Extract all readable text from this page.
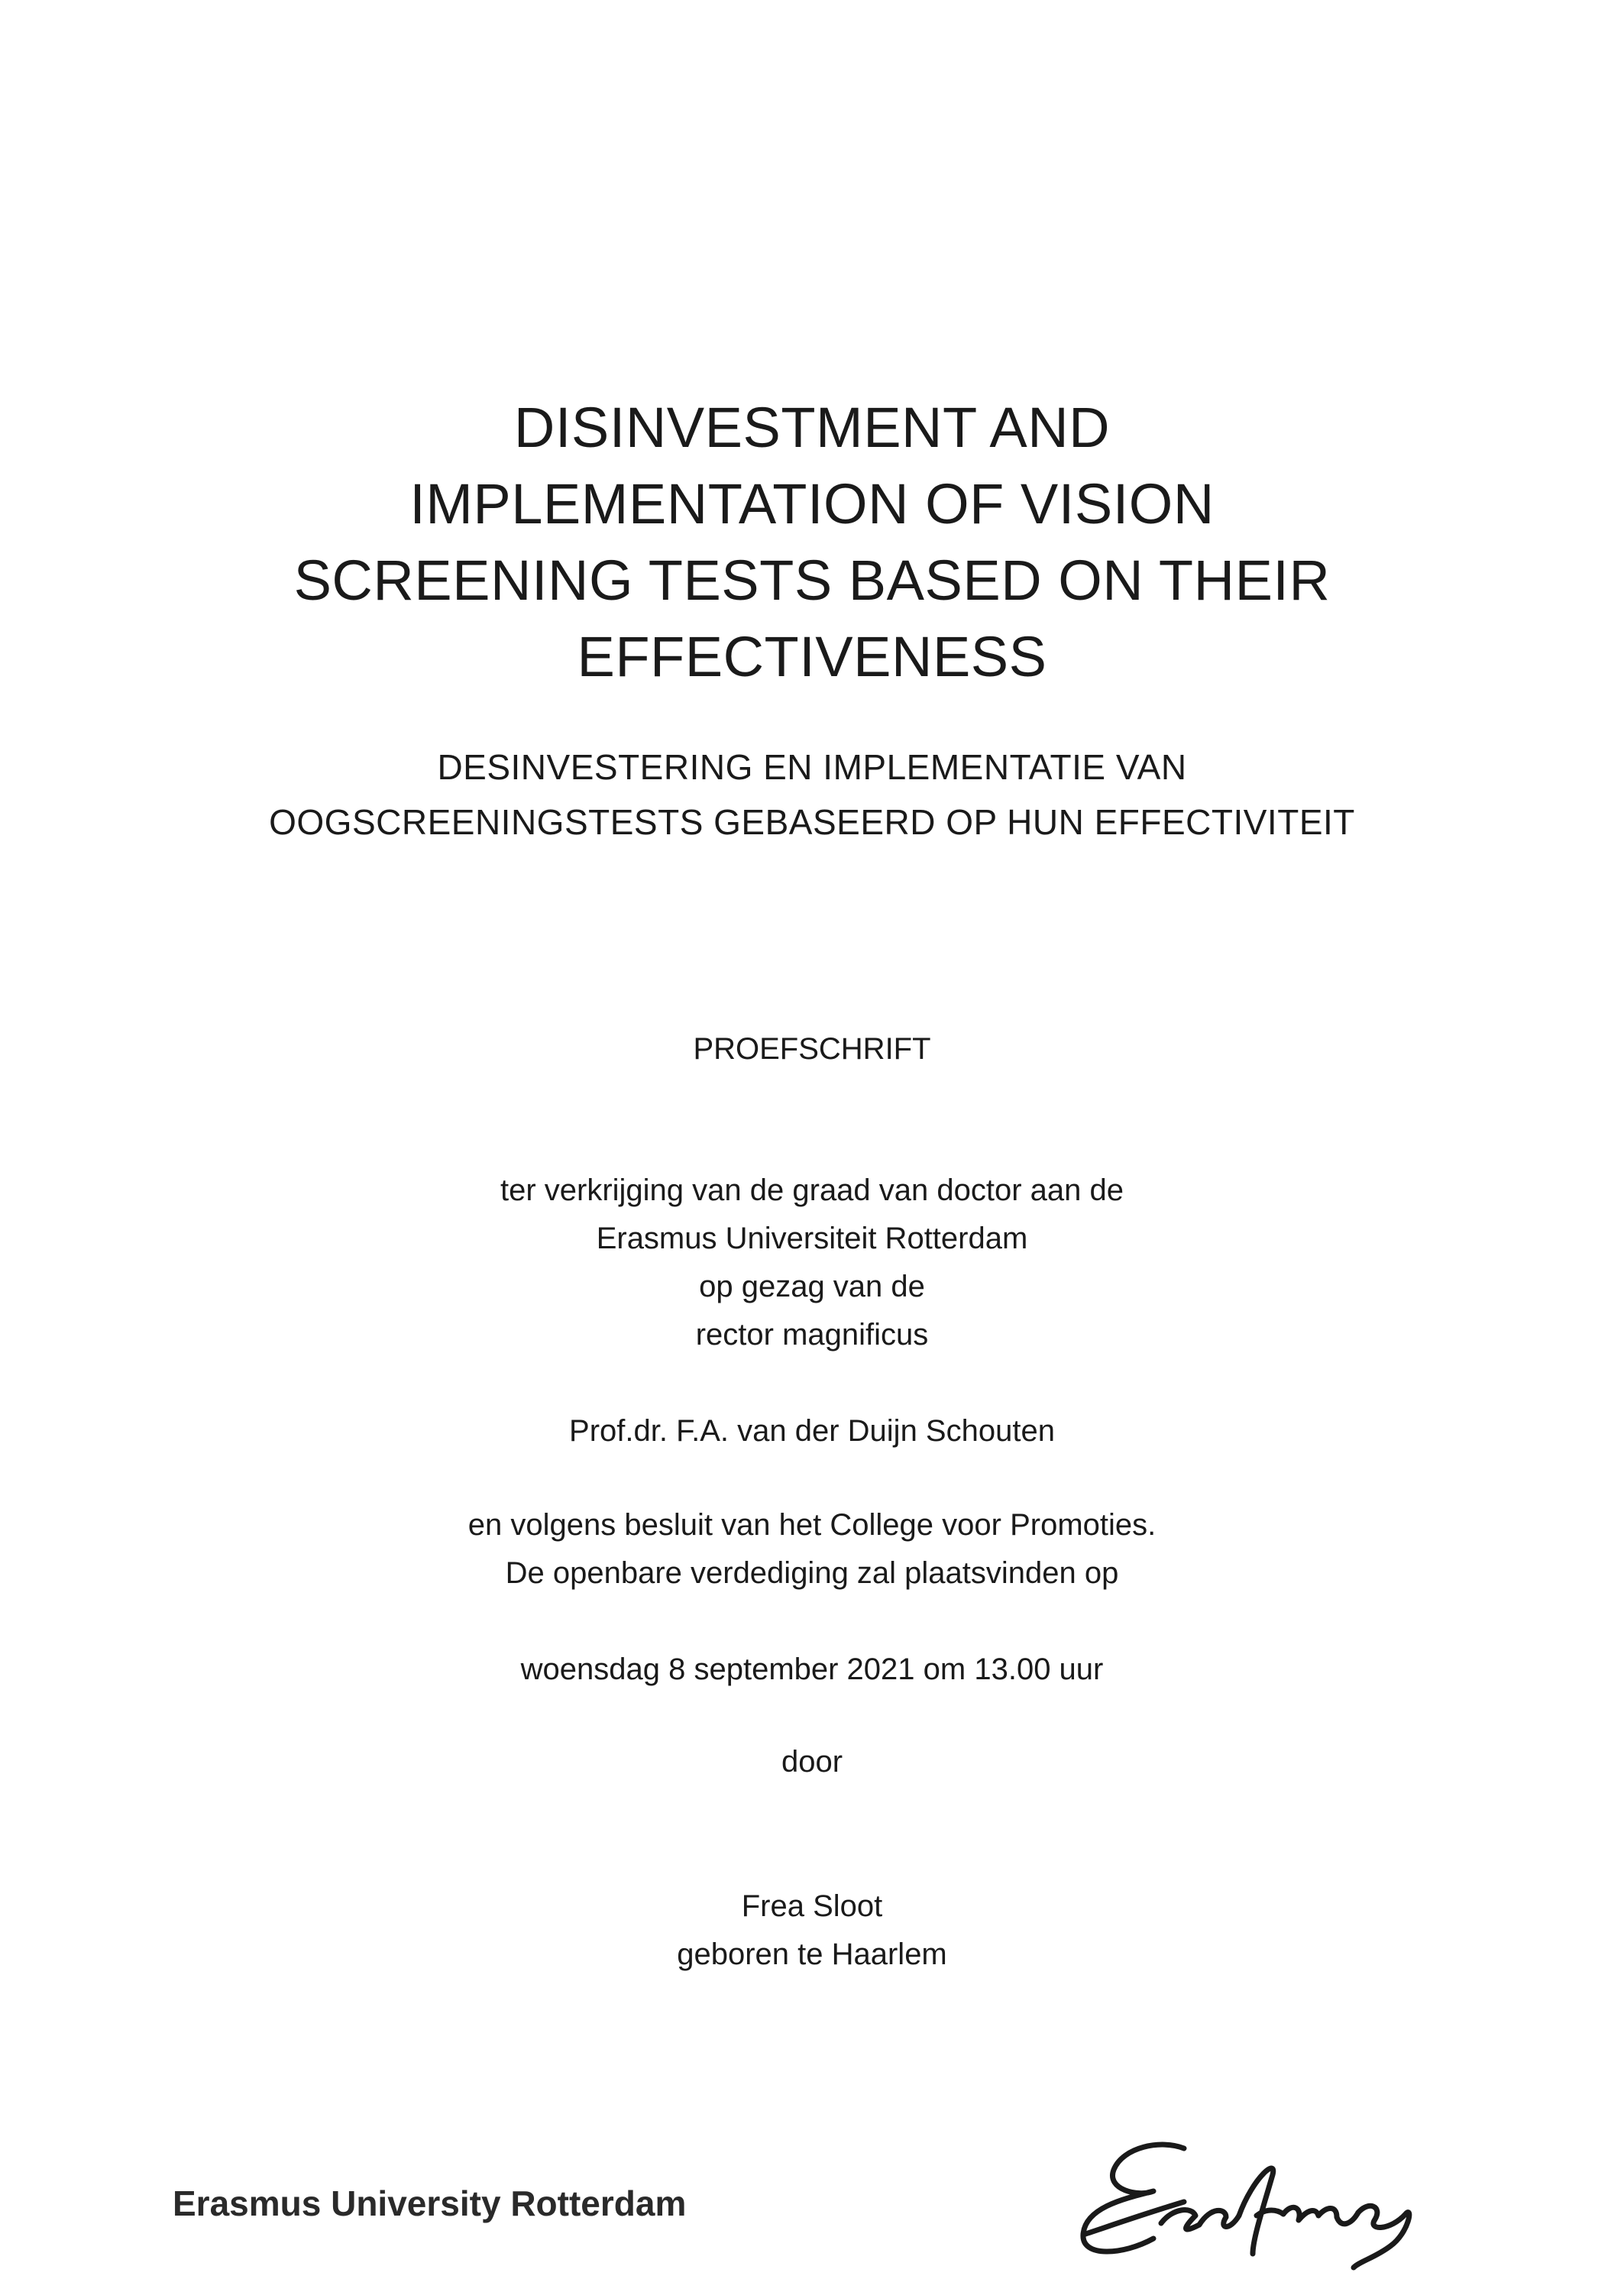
DISINVESTMENT AND
IMPLEMENTATION OF VISION
SCREENING TESTS BASED ON THEIR
EFFECTIVENESS
DESINVESTERING EN IMPLEMENTATIE VAN
OOGSCREENINGSTESTS GEBASEERD OP HUN EFFECTIVITEIT
PROEFSCHRIFT
ter verkrijging van de graad van doctor aan de
Erasmus Universiteit Rotterdam
op gezag van de
rector magnificus
Prof.dr. F.A. van der Duijn Schouten
en volgens besluit van het College voor Promoties.
De openbare verdediging zal plaatsvinden op
woensdag 8 september 2021 om 13.00 uur
door
Frea Sloot
geboren te Haarlem
Erasmus University Rotterdam
